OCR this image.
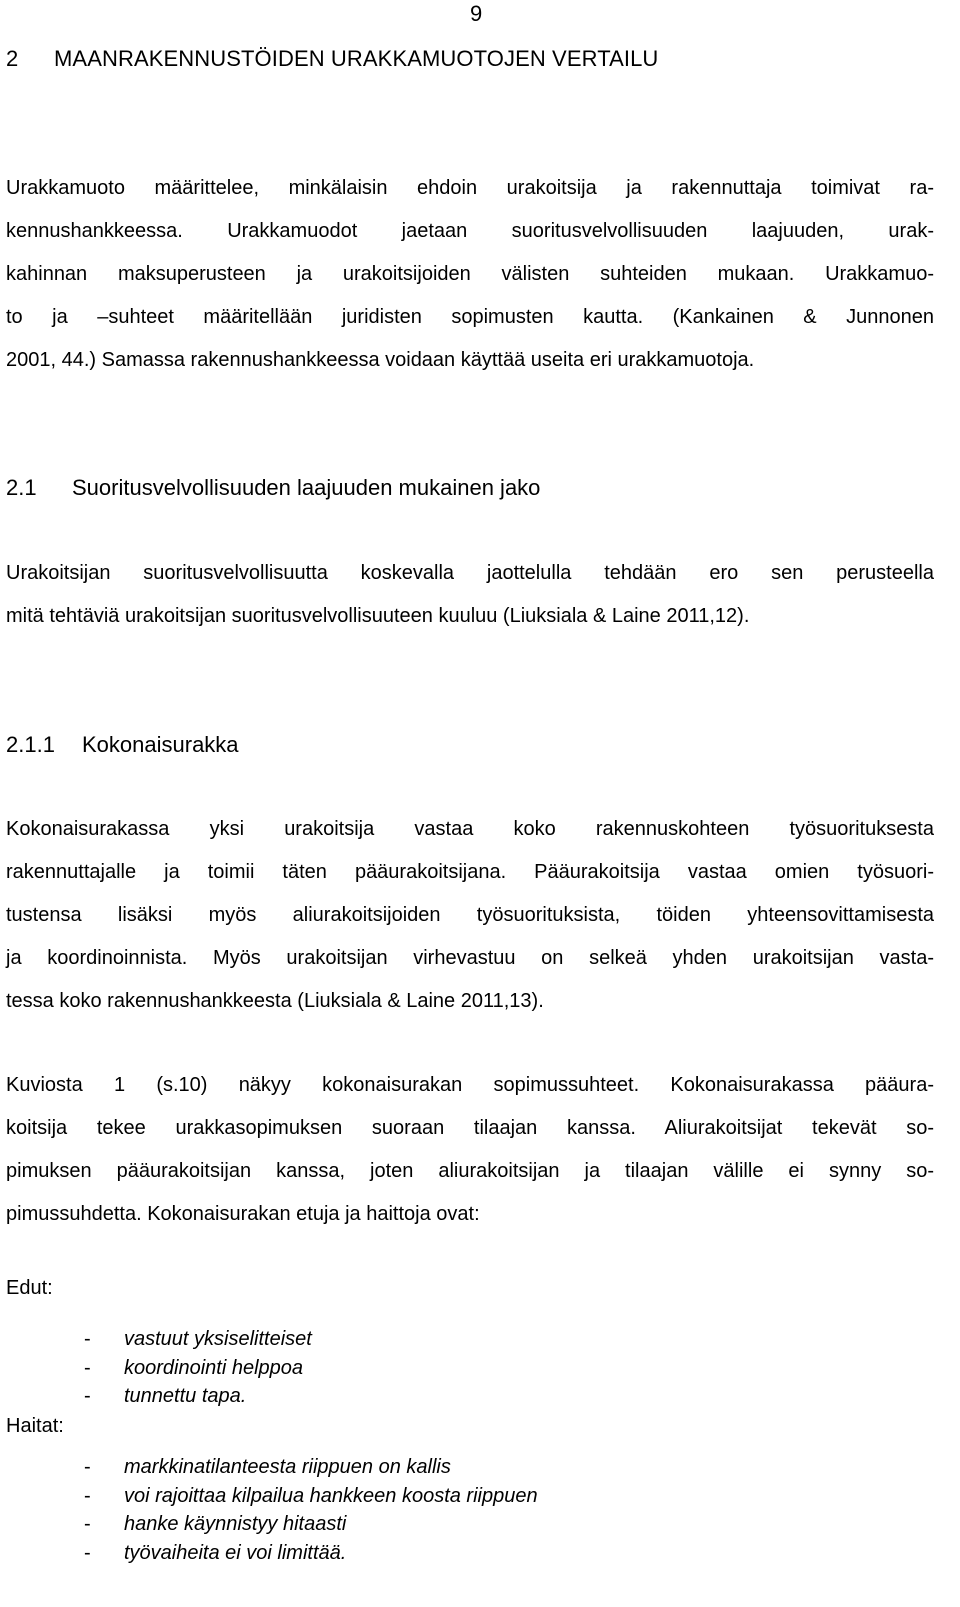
9
2 MAANRAKENNUSTÖIDEN URAKKAMUOTOJEN VERTAILU
Urakkamuoto määrittelee, minkälaisin ehdoin urakoitsija ja rakennuttaja toimivat ra-
kennushankkeessa. Urakkamuodot jaetaan suoritusvelvollisuuden laajuuden, urak-
kahinnan maksuperusteen ja urakoitsijoiden välisten suhteiden mukaan. Urakkamuo-
to ja –suhteet määritellään juridisten sopimusten kautta. (Kankainen & Junnonen
2001, 44.) Samassa rakennushankkeessa voidaan käyttää useita eri urakkamuotoja.
2.1 Suoritusvelvollisuuden laajuuden mukainen jako
Urakoitsijan suoritusvelvollisuutta koskevalla jaottelulla tehdään ero sen perusteella
mitä tehtäviä urakoitsijan suoritusvelvollisuuteen kuuluu (Liuksiala & Laine 2011,12).
2.1.1 Kokonaisurakka
Kokonaisurakassa yksi urakoitsija vastaa koko rakennuskohteen työsuorituksesta
rakennuttajalle ja toimii täten pääurakoitsijana. Pääurakoitsija vastaa omien työsuori-
tustensa lisäksi myös aliurakoitsijoiden työsuorituksista, töiden yhteensovittamisesta
ja koordinoinnista. Myös urakoitsijan virhevastuu on selkeä yhden urakoitsijan vasta-
tessa koko rakennushankkeesta (Liuksiala & Laine 2011,13).
Kuviosta 1 (s.10) näkyy kokonaisurakan sopimussuhteet. Kokonaisurakassa pääura-
koitsija tekee urakkasopimuksen suoraan tilaajan kanssa. Aliurakoitsijat tekevät so-
pimuksen pääurakoitsijan kanssa, joten aliurakoitsijan ja tilaajan välille ei synny so-
pimussuhdetta. Kokonaisurakan etuja ja haittoja ovat:
Edut:
- vastuut yksiselitteiset
- koordinointi helppoa
- tunnettu tapa.
Haitat:
- markkinatilanteesta riippuen on kallis
- voi rajoittaa kilpailua hankkeen koosta riippuen
- hanke käynnistyy hitaasti
- työvaiheita ei voi limittää.
